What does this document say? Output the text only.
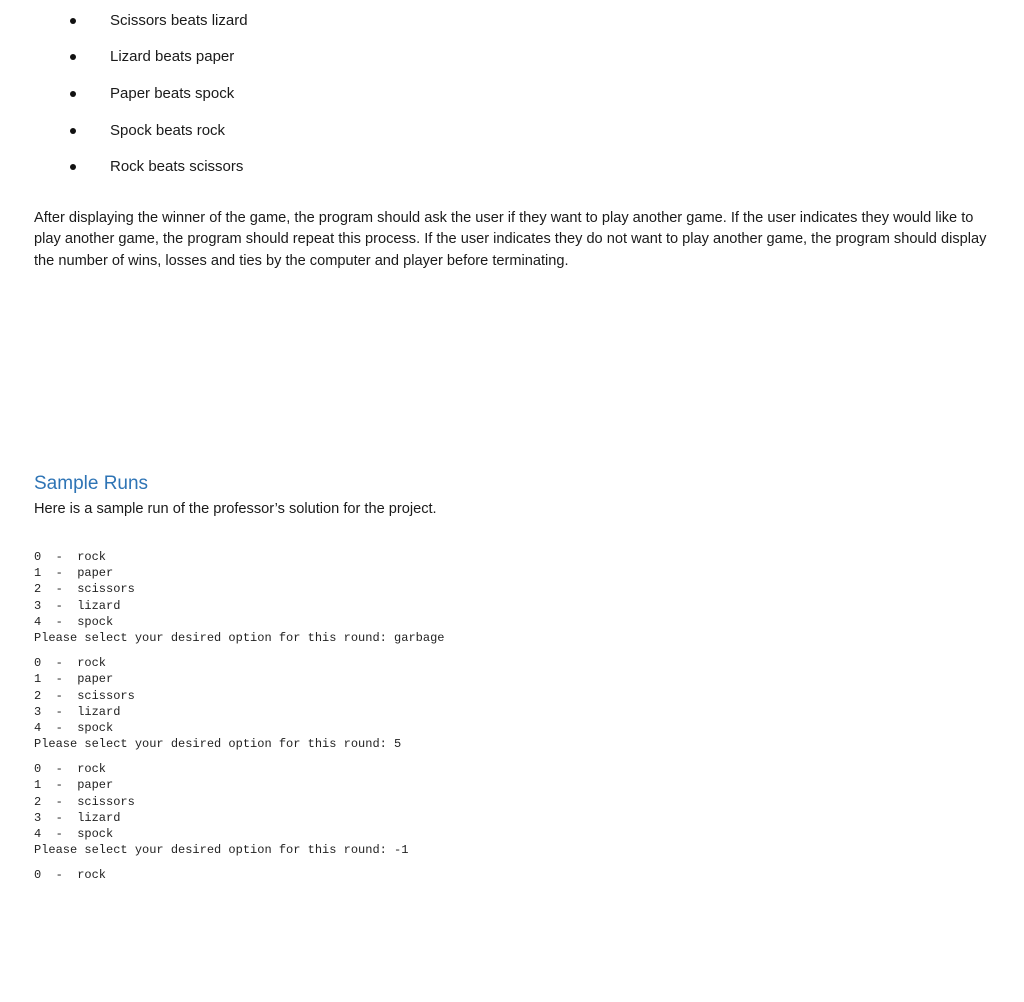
Scissors beats lizard
Lizard beats paper
Paper beats spock
Spock beats rock
Rock beats scissors

After displaying the winner of the game, the program should ask the user if they want to play another game. If the user indicates they would like to play another game, the program should repeat this process. If the user indicates they do not want to play another game, the program should display the number of wins, losses and ties by the computer and player before terminating.

Sample Runs
Here is a sample run of the professor’s solution for the project.
0  -  rock
1  -  paper
2  -  scissors
3  -  lizard
4  -  spock
Please select your desired option for this round: garbage
0  -  rock
1  -  paper
2  -  scissors
3  -  lizard
4  -  spock
Please select your desired option for this round: 5
0  -  rock
1  -  paper
2  -  scissors
3  -  lizard
4  -  spock
Please select your desired option for this round: -1
0  -  rock
